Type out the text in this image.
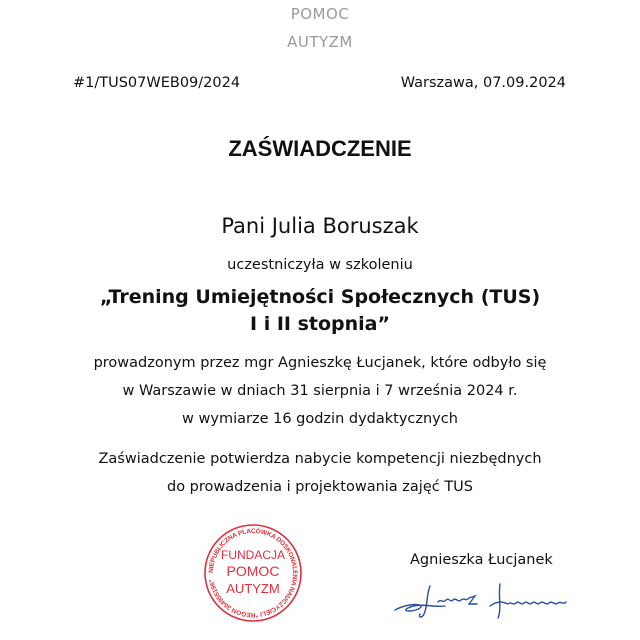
POMOC
AUTYZM
#1/TUS07WEB09/2024	Warszawa, 07.09.2024
ZAŚWIADCZENIE
Pani Julia Boruszak
uczestniczyła w szkoleniu
„Trening Umiejętności Społecznych (TUS)
I i II stopnia”
prowadzonym przez mgr Agnieszkę Łucjanek, które odbyło się
w Warszawie w dniach 31 sierpnia i 7 września 2024 r.
w wymiarze 16 godzin dydaktycznych
Zaświadczenie potwierdza nabycie kompetencji niezbędnych
do prowadzenia i projektowania zajęć TUS
NIEPUBLICZNA PLACÓWKA DOSKONALENIA NAUCZYCIELI "REGON 364955196"
FUNDACJA
POMOC
AUTYZM
Agnieszka Łucjanek
